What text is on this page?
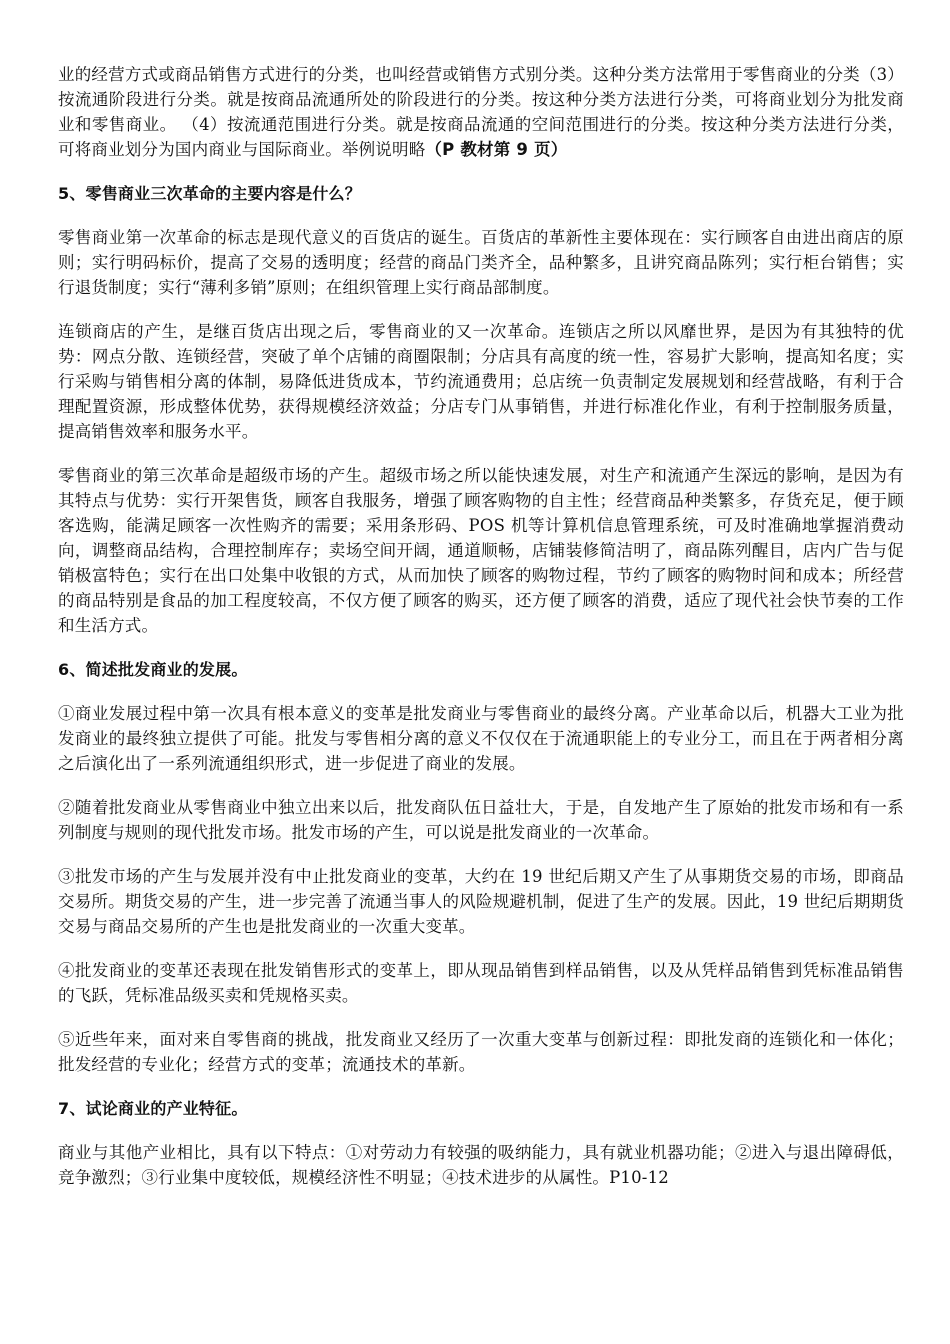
业的经营方式或商品销售方式进行的分类，也叫经营或销售方式别分类。这种分类方法常用于零售商业的分类（3）按流通阶段进行分类。就是按商品流通所处的阶段进行的分类。按这种分类方法进行分类，可将商业划分为批发商业和零售商业。 （4）按流通范围进行分类。就是按商品流通的空间范围进行的分类。按这种分类方法进行分类，可将商业划分为国内商业与国际商业。举例说明略（P 教材第 9 页）

5、零售商业三次革命的主要内容是什么？

零售商业第一次革命的标志是现代意义的百货店的诞生。百货店的革新性主要体现在：实行顾客自由进出商店的原则；实行明码标价，提高了交易的透明度；经营的商品门类齐全，品种繁多，且讲究商品陈列；实行柜台销售；实行退货制度；实行“薄利多销”原则；在组织管理上实行商品部制度。

连锁商店的产生，是继百货店出现之后，零售商业的又一次革命。连锁店之所以风靡世界，是因为有其独特的优势：网点分散、连锁经营，突破了单个店铺的商圈限制；分店具有高度的统一性，容易扩大影响，提高知名度；实行采购与销售相分离的体制，易降低进货成本，节约流通费用；总店统一负责制定发展规划和经营战略，有利于合理配置资源，形成整体优势，获得规模经济效益；分店专门从事销售，并进行标准化作业，有利于控制服务质量，提高销售效率和服务水平。

零售商业的第三次革命是超级市场的产生。超级市场之所以能快速发展，对生产和流通产生深远的影响，是因为有其特点与优势：实行开架售货，顾客自我服务，增强了顾客购物的自主性；经营商品种类繁多，存货充足，便于顾客选购，能满足顾客一次性购齐的需要；采用条形码、POS 机等计算机信息管理系统，可及时准确地掌握消费动向，调整商品结构，合理控制库存；卖场空间开阔，通道顺畅，店铺装修简洁明了，商品陈列醒目，店内广告与促销极富特色；实行在出口处集中收银的方式，从而加快了顾客的购物过程，节约了顾客的购物时间和成本；所经营的商品特别是食品的加工程度较高，不仅方便了顾客的购买，还方便了顾客的消费，适应了现代社会快节奏的工作和生活方式。

6、简述批发商业的发展。

①商业发展过程中第一次具有根本意义的变革是批发商业与零售商业的最终分离。产业革命以后，机器大工业为批发商业的最终独立提供了可能。批发与零售相分离的意义不仅仅在于流通职能上的专业分工，而且在于两者相分离之后演化出了一系列流通组织形式，进一步促进了商业的发展。

②随着批发商业从零售商业中独立出来以后，批发商队伍日益壮大，于是，自发地产生了原始的批发市场和有一系列制度与规则的现代批发市场。批发市场的产生，可以说是批发商业的一次革命。

③批发市场的产生与发展并没有中止批发商业的变革，大约在 19 世纪后期又产生了从事期货交易的市场，即商品交易所。期货交易的产生，进一步完善了流通当事人的风险规避机制，促进了生产的发展。因此，19 世纪后期期货交易与商品交易所的产生也是批发商业的一次重大变革。

④批发商业的变革还表现在批发销售形式的变革上，即从现品销售到样品销售，以及从凭样品销售到凭标准品销售的飞跃，凭标准品级买卖和凭规格买卖。

⑤近些年来，面对来自零售商的挑战，批发商业又经历了一次重大变革与创新过程：即批发商的连锁化和一体化；批发经营的专业化；经营方式的变革；流通技术的革新。

7、试论商业的产业特征。

商业与其他产业相比，具有以下特点：①对劳动力有较强的吸纳能力，具有就业机器功能；②进入与退出障碍低，竞争激烈；③行业集中度较低，规模经济性不明显；④技术进步的从属性。P10-12
